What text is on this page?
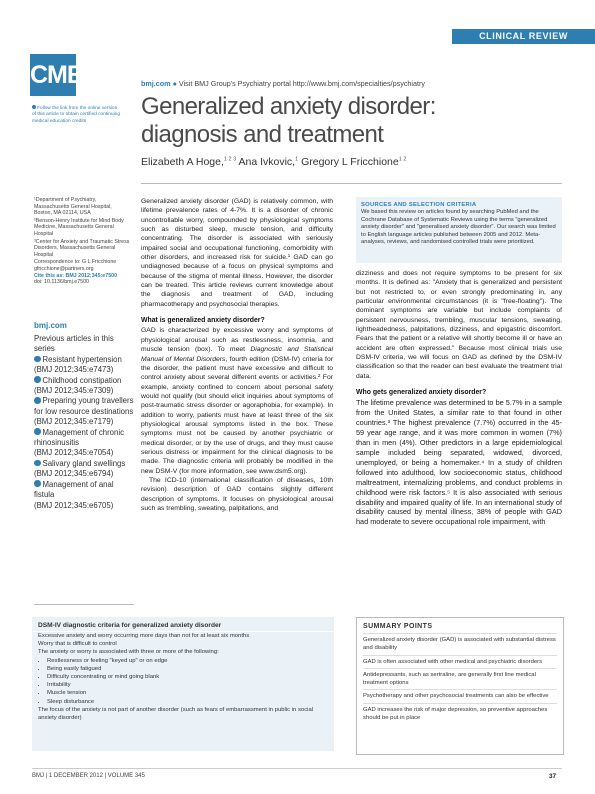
CLINICAL REVIEW
CME
Follow the link from the online version of this article to obtain certified continuing medical education credits
bmj.com ● Visit BMJ Group's Psychiatry portal http://www.bmj.com/specialties/psychiatry
Generalized anxiety disorder:
diagnosis and treatment
Elizabeth A Hoge,$^{1 2 3}$ Ana Ivkovic,$^1$ Gregory L Fricchione$^{1 2}$
¹Department of Psychiatry, Massachusetts General Hospital, Boston, MA 02114, USA
²Benson-Henry Institute for Mind Body Medicine, Massachusetts General Hospital
³Center for Anxiety and Traumatic Stress Disorders, Massachusetts General Hospital
Correspondence to: G L Fricchione gfricchione@partners.org
Cite this as: BMJ 2012;345:e7500
doi: 10.1136/bmj.e7500
bmj.com
Previous articles in this series
Resistant hypertension
(BMJ 2012;345:e7473)
Childhood constipation
(BMJ 2012;345:e7309)
Preparing young travellers for low resource destinations
(BMJ 2012;345:e7179)
Management of chronic rhinosinusitis
(BMJ 2012;345:e7054)
Salivary gland swellings
(BMJ 2012;345:e6794)
Management of anal fistula
(BMJ 2012;345:e6705)

Generalized anxiety disorder (GAD) is relatively common, with lifetime prevalence rates of 4-7%. It is a disorder of chronic uncontrollable worry, compounded by physiological symptoms such as disturbed sleep, muscle tension, and difficulty concentrating. The disorder is associated with seriously impaired social and occupational functioning, comorbidity with other disorders, and increased risk for suicide.¹ GAD can go undiagnosed because of a focus on physical symptoms and because of the stigma of mental illness. However, the disorder can be treated. This article reviews current knowledge about the diagnosis and treatment of GAD, including pharmacotherapy and psychosocial therapies.

What is generalized anxiety disorder?

GAD is characterized by excessive worry and symptoms of physiological arousal such as restlessness, insomnia, and muscle tension (box). To meet Diagnostic and Statistical Manual of Mental Disorders, fourth edition (DSM-IV) criteria for the disorder, the patient must have excessive and difficult to control anxiety about several different events or activities.² For example, anxiety confined to concern about personal safety would not qualify (but should elicit inquiries about symptoms of post-traumatic stress disorder or agoraphobia, for example). In addition to worry, patients must have at least three of the six physiological arousal symptoms listed in the box. These symptoms must not be caused by another psychiatric or medical disorder, or by the use of drugs, and they must cause serious distress or impairment for the clinical diagnosis to be made. The diagnostic criteria will probably be modified in the new DSM-V (for more information, see www.dsm5.org).

The ICD-10 (international classification of diseases, 10th revision) description of GAD contains slightly different description of symptoms. It focuses on physiological arousal such as trembling, sweating, palpitations, and

SOURCES AND SELECTION CRITERIA
We based this review on articles found by searching PubMed and the Cochrane Database of Systematic Reviews using the terms "generalized anxiety disorder" and "generalised anxiety disorder". Our search was limited to English language articles published between 2005 and 2012. Meta-analyses, reviews, and randomised controlled trials were prioritized.

dizziness and does not require symptoms to be present for six months. It is defined as: "Anxiety that is generalized and persistent but not restricted to, or even strongly predominating in, any particular environmental circumstances (it is "free-floating"). The dominant symptoms are variable but include complaints of persistent nervousness, trembling, muscular tensions, sweating, lightheadedness, palpitations, dizziness, and epigastric discomfort. Fears that the patient or a relative will shortly become ill or have an accident are often expressed." Because most clinical trials use DSM-IV criteria, we will focus on GAD as defined by the DSM-IV classification so that the reader can best evaluate the treatment trial data.

Who gets generalized anxiety disorder?

The lifetime prevalence was determined to be 5.7% in a sample from the United States, a similar rate to that found in other countries.³ The highest prevalence (7.7%) occurred in the 45-59 year age range, and it was more common in women (7%) than in men (4%). Other predictors in a large epidemiological sample included being separated, widowed, divorced, unemployed, or being a homemaker.⁴ In a study of children followed into adulthood, low socioeconomic status, childhood maltreatment, internalizing problems, and conduct problems in childhood were risk factors.⁵ It is also associated with serious disability and impaired quality of life. In an international study of disability caused by mental illness, 38% of people with GAD had moderate to severe occupational role impairment, with

DSM-IV diagnostic criteria for generalized anxiety disorder
Excessive anxiety and worry occurring more days than not for at least six months
Worry that is difficult to control
The anxiety or worry is associated with three or more of the following:
• Restlessness or feeling "keyed up" or on edge
• Being easily fatigued
• Difficulty concentrating or mind going blank
• Irritability
• Muscle tension
• Sleep disturbance
The focus of the anxiety is not part of another disorder (such as fears of embarrassment in public in social anxiety disorder)
SUMMARY POINTS
Generalized anxiety disorder (GAD) is associated with substantial distress and disability
GAD is often associated with other medical and psychiatric disorders
Antidepressants, such as sertraline, are generally first line medical treatment options
Psychotherapy and other psychosocial treatments can also be effective
GAD increases the risk of major depression, so preventive approaches should be put in place
BMJ | 1 DECEMBER 2012 | VOLUME 345	37
